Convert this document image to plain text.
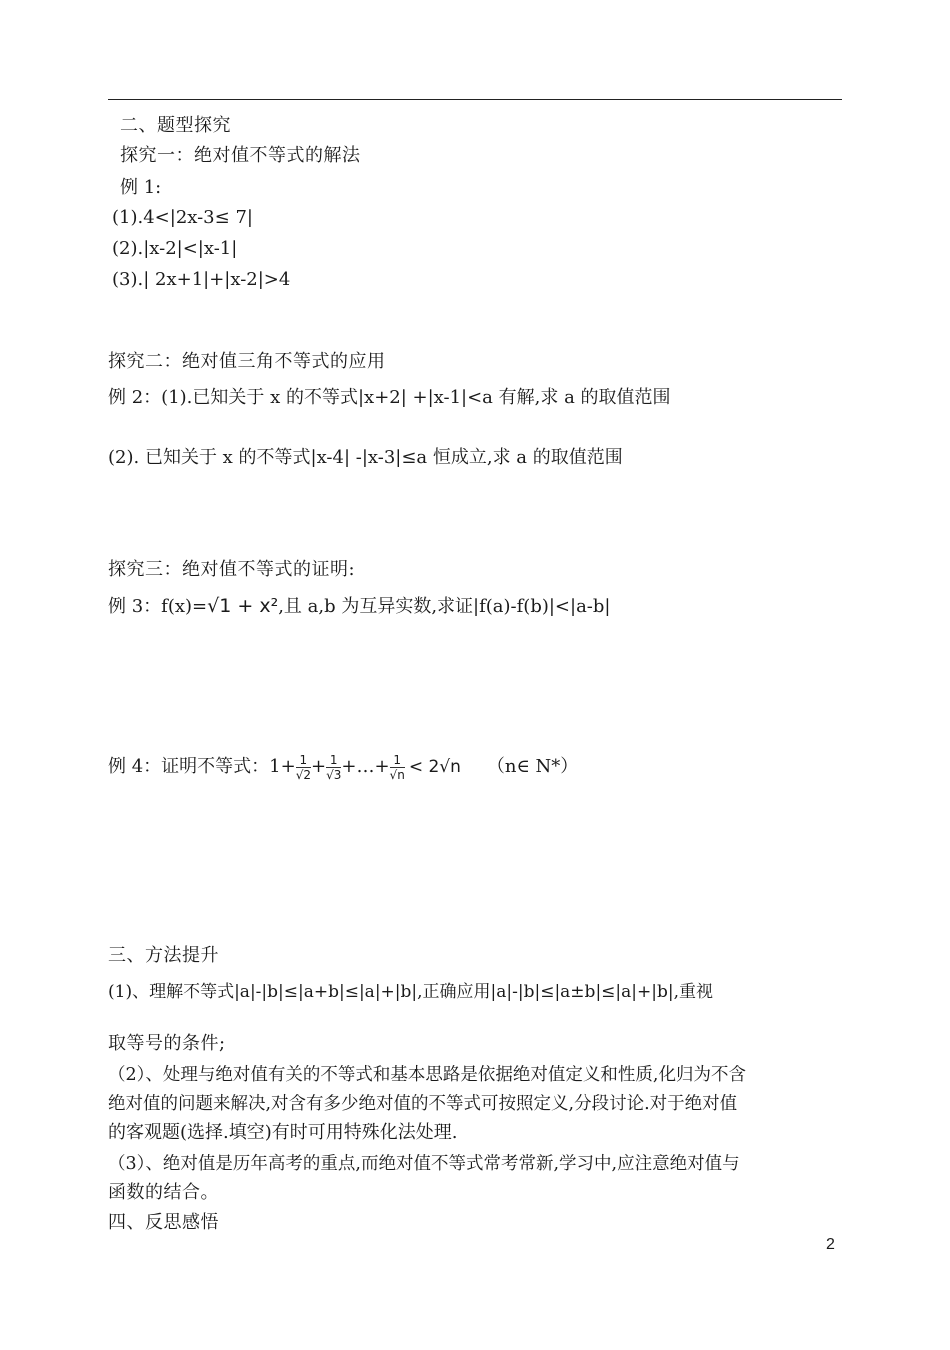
二、题型探究
探究一：绝对值不等式的解法
例 1:
(1).4<|2x-3≤ 7|
(2).|x-2|<|x-1|
(3).| 2x+1|+|x-2|>4
探究二：绝对值三角不等式的应用
例 2：(1).已知关于 x 的不等式|x+2| +|x-1|<a 有解,求 a 的取值范围
(2). 已知关于 x 的不等式|x-4| -|x-3|≤a 恒成立,求 a 的取值范围
探究三：绝对值不等式的证明:
例 3：f(x)=√1 + x²,且 a,b 为互异实数,求证|f(a)-f(b)|<|a-b|
例 4：证明不等式：$1+ \frac{1}{√2} + \frac{1}{√3}$ +…+ $\frac{1}{√n} < 2√n$ （n∈ N*）
三、方法提升
(1)、理解不等式|a|-|b|≤|a+b|≤|a|+|b|,正确应用|a|-|b|≤|a±b|≤|a|+|b|,重视
取等号的条件;
（2）、处理与绝对值有关的不等式和基本思路是依据绝对值定义和性质,化归为不含
绝对值的问题来解决,对含有多少绝对值的不等式可按照定义,分段讨论.对于绝对值
的客观题(选择.填空)有时可用特殊化法处理.
（3）、绝对值是历年高考的重点,而绝对值不等式常考常新,学习中,应注意绝对值与
函数的结合。
四、反思感悟
2
